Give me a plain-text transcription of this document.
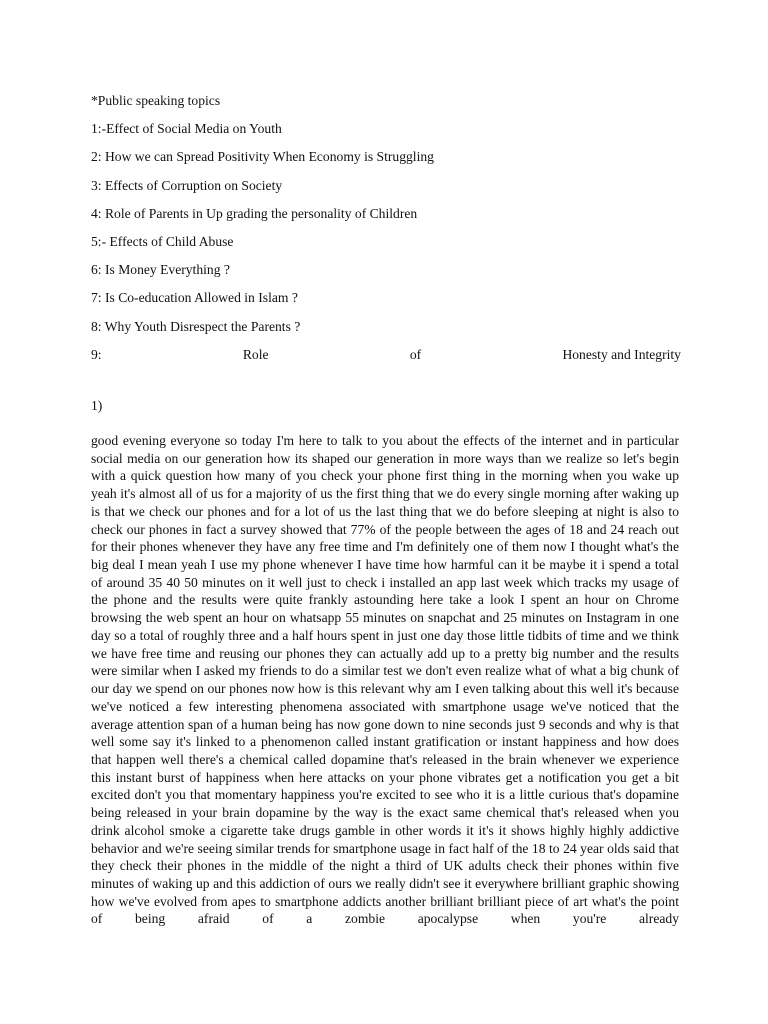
*Public speaking topics
1:-Effect of Social Media on Youth
2: How we can Spread Positivity When Economy is Struggling
3: Effects of Corruption on Society
4: Role of Parents in Up grading the personality of Children
5:- Effects of Child Abuse
6: Is Money Everything ?
7: Is Co-education Allowed in Islam ?
8: Why Youth Disrespect the Parents ?
9:	Role	of	Honesty and Integrity

1)

good evening everyone so today I'm here to talk to you about the effects of the internet and in particular social media on our generation how its shaped our generation in more ways than we realize so let's begin with a quick question how many of you check your phone first thing in the morning when you wake up yeah it's almost all of us for a majority of us the first thing that we do every single morning after waking up is that we check our phones and for a lot of us the last thing that we do before sleeping at night is also to check our phones in fact a survey showed that 77% of the people between the ages of 18 and 24 reach out for their phones whenever they have any free time and I'm definitely one of them now I thought what's the big deal I mean yeah I use my phone whenever I have time how harmful can it be maybe it i spend a total of around 35 40 50 minutes on it well just to check i installed an app last week which tracks my usage of the phone and the results were quite frankly astounding here take a look I spent an hour on Chrome browsing the web spent an hour on whatsapp 55 minutes on snapchat and 25 minutes on Instagram in one day so a total of roughly three and a half hours spent in just one day those little tidbits of time and we think we have free time and reusing our phones they can actually add up to a pretty big number and the results were similar when I asked my friends to do a similar test we don't even realize what of what a big chunk of our day we spend on our phones now how is this relevant why am I even talking about this well it's because we've noticed a few interesting phenomena associated with smartphone usage we've noticed that the average attention span of a human being has now gone down to nine seconds just 9 seconds and why is that well some say it's linked to a phenomenon called instant gratification or instant happiness and how does that happen well there's a chemical called dopamine that's released in the brain whenever we experience this instant burst of happiness when here attacks on your phone vibrates get a notification you get a bit excited don't you that momentary happiness you're excited to see who it is a little curious that's dopamine being released in your brain dopamine by the way is the exact same chemical that's released when you drink alcohol smoke a cigarette take drugs gamble in other words it it's it shows highly highly addictive behavior and we're seeing similar trends for smartphone usage in fact half of the 18 to 24 year olds said that they check their phones in the middle of the night a third of UK adults check their phones within five minutes of waking up and this addiction of ours we really didn't see it everywhere brilliant graphic showing how we've evolved from apes to smartphone addicts another brilliant brilliant piece of art what's the point of being afraid of a zombie apocalypse when you're already
